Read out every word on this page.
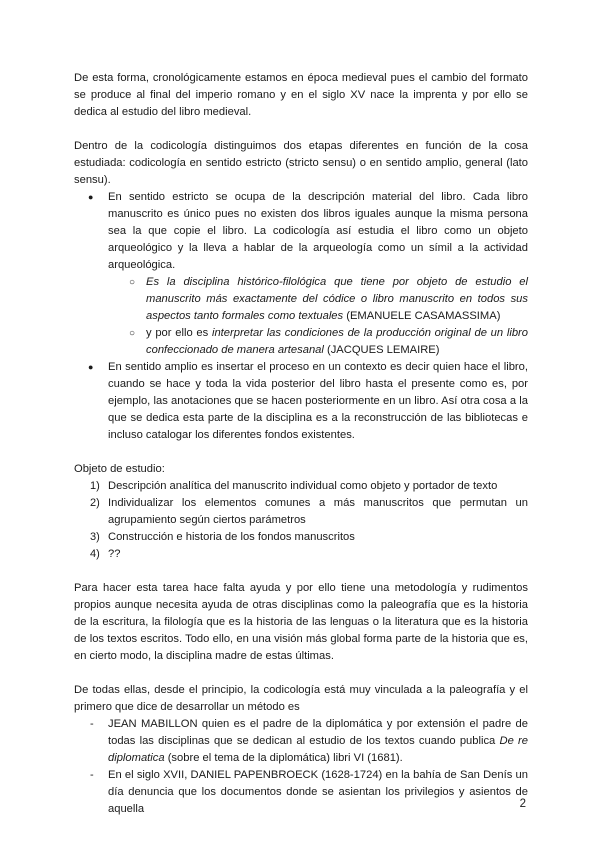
De esta forma, cronológicamente estamos en época medieval pues el cambio del formato se produce al final del imperio romano y en el siglo XV nace la imprenta y por ello se dedica al estudio del libro medieval.

Dentro de la codicología distinguimos dos etapas diferentes en función de la cosa estudiada: codicología en sentido estricto (stricto sensu) o en sentido amplio, general (lato sensu).

● En sentido estricto se ocupa de la descripción material del libro. Cada libro manuscrito es único pues no existen dos libros iguales aunque la misma persona sea la que copie el libro. La codicología así estudia el libro como un objeto arqueológico y la lleva a hablar de la arqueología como un símil a la actividad arqueológica.

○ Es la disciplina histórico-filológica que tiene por objeto de estudio el manuscrito más exactamente del códice o libro manuscrito en todos sus aspectos tanto formales como textuales (EMANUELE CASAMASSIMA)

○ y por ello es interpretar las condiciones de la producción original de un libro confeccionado de manera artesanal (JACQUES LEMAIRE)

● En sentido amplio es insertar el proceso en un contexto es decir quien hace el libro, cuando se hace y toda la vida posterior del libro hasta el presente como es, por ejemplo, las anotaciones que se hacen posteriormente en un libro. Así otra cosa a la que se dedica esta parte de la disciplina es a la reconstrucción de las bibliotecas e incluso catalogar los diferentes fondos existentes.

Objeto de estudio:

1) Descripción analítica del manuscrito individual como objeto y portador de texto

2) Individualizar los elementos comunes a más manuscritos que permutan un agrupamiento según ciertos parámetros

3) Construcción e historia de los fondos manuscritos

4) ??

Para hacer esta tarea hace falta ayuda y por ello tiene una metodología y rudimentos propios aunque necesita ayuda de otras disciplinas como la paleografía que es la historia de la escritura, la filología que es la historia de las lenguas o la literatura que es la historia de los textos escritos. Todo ello, en una visión más global forma parte de la historia que es, en cierto modo, la disciplina madre de estas últimas.

De todas ellas, desde el principio, la codicología está muy vinculada a la paleografía y el primero que dice de desarrollar un método es

- JEAN MABILLON quien es el padre de la diplomática y por extensión el padre de todas las disciplinas que se dedican al estudio de los textos cuando publica De re diplomatica (sobre el tema de la diplomática) libri VI (1681).

- En el siglo XVII, DANIEL PAPENBROECK (1628-1724) en la bahía de San Denís un día denuncia que los documentos donde se asientan los privilegios y asientos de aquella	2
